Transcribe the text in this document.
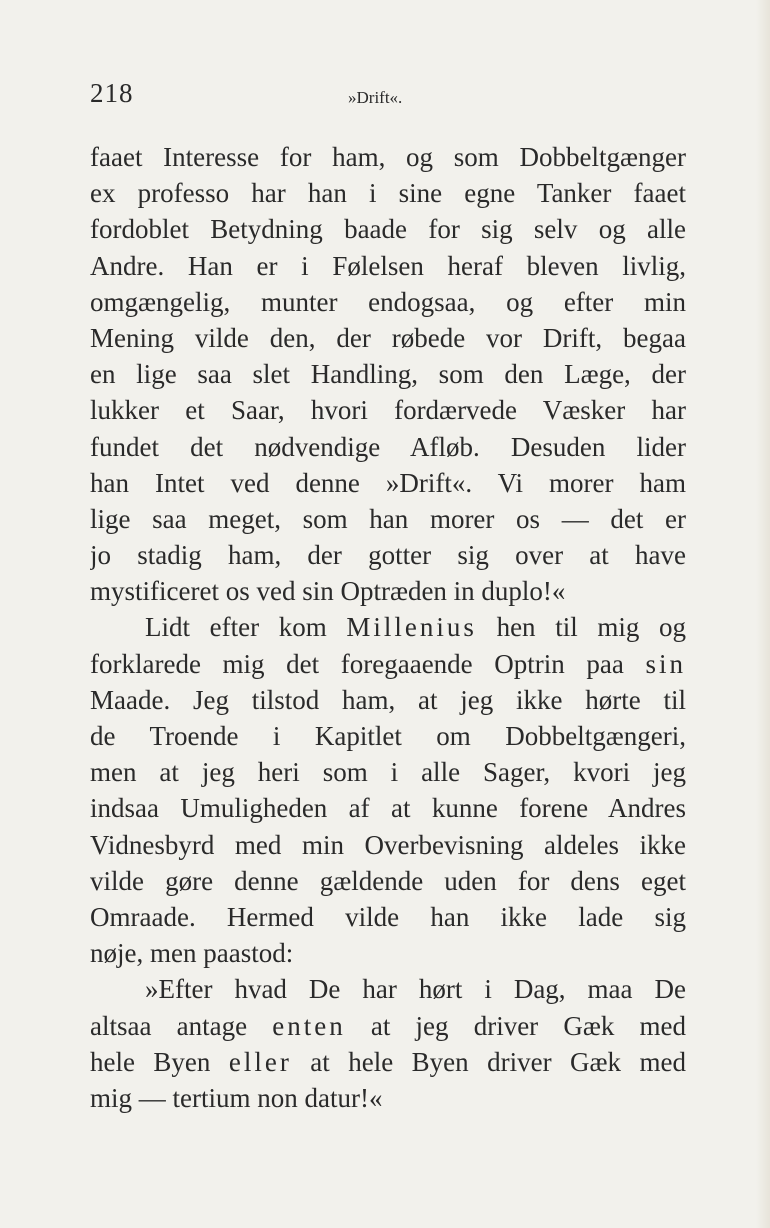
218	»Drift«.
faaet Interesse for ham, og som Dobbeltgænger
ex professo har han i sine egne Tanker faaet
fordoblet Betydning baade for sig selv og alle
Andre. Han er i Følelsen heraf bleven livlig,
omgængelig, munter endogsaa, og efter min
Mening vilde den, der røbede vor Drift, begaa
en lige saa slet Handling, som den Læge, der
lukker et Saar, hvori fordærvede Væsker har
fundet det nødvendige Afløb. Desuden lider
han Intet ved denne »Drift«. Vi morer ham
lige saa meget, som han morer os — det er
jo stadig ham, der gotter sig over at have
mystificeret os ved sin Optræden in duplo!«
Lidt efter kom Millenius hen til mig og
forklarede mig det foregaaende Optrin paa sin
Maade. Jeg tilstod ham, at jeg ikke hørte til
de Troende i Kapitlet om Dobbeltgængeri,
men at jeg heri som i alle Sager, kvori jeg
indsaa Umuligheden af at kunne forene Andres
Vidnesbyrd med min Overbevisning aldeles ikke
vilde gøre denne gældende uden for dens eget
Omraade. Hermed vilde han ikke lade sig
nøje, men paastod:
»Efter hvad De har hørt i Dag, maa De
altsaa antage enten at jeg driver Gæk med
hele Byen eller at hele Byen driver Gæk med
mig — tertium non datur!«
